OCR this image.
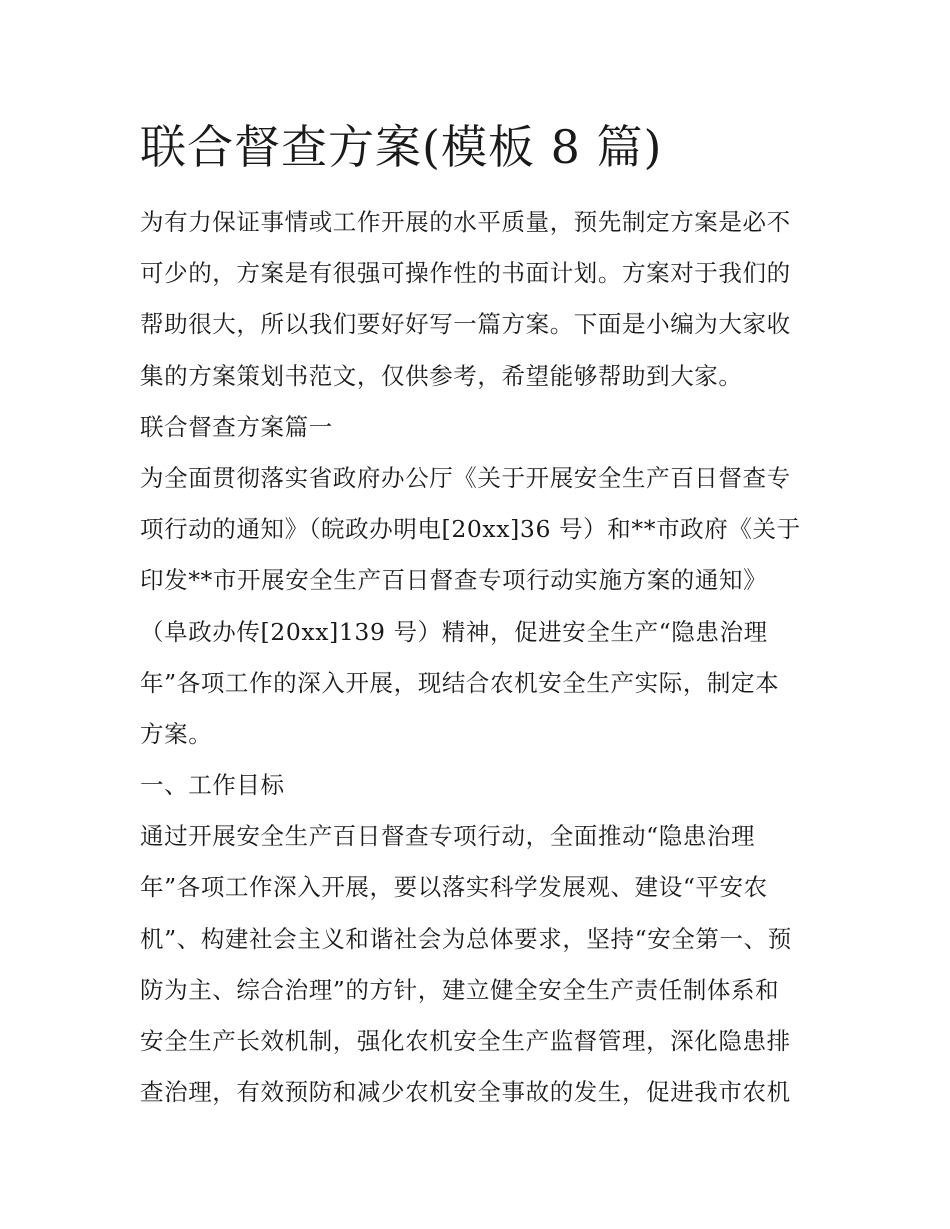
联合督查方案(模板 8 篇)
为有力保证事情或工作开展的水平质量，预先制定方案是必不
可少的，方案是有很强可操作性的书面计划。方案对于我们的
帮助很大，所以我们要好好写一篇方案。下面是小编为大家收
集的方案策划书范文，仅供参考，希望能够帮助到大家。
联合督查方案篇一
为全面贯彻落实省政府办公厅《关于开展安全生产百日督查专
项行动的通知》（皖政办明电[20xx]36 号）和**市政府《关于
印发**市开展安全生产百日督查专项行动实施方案的通知》
（阜政办传[20xx]139 号）精神，促进安全生产“隐患治理
年”各项工作的深入开展，现结合农机安全生产实际，制定本
方案。
一、工作目标
通过开展安全生产百日督查专项行动，全面推动“隐患治理
年”各项工作深入开展，要以落实科学发展观、建设“平安农
机”、构建社会主义和谐社会为总体要求，坚持“安全第一、预
防为主、综合治理”的方针，建立健全安全生产责任制体系和
安全生产长效机制，强化农机安全生产监督管理，深化隐患排
查治理，有效预防和减少农机安全事故的发生，促进我市农机
